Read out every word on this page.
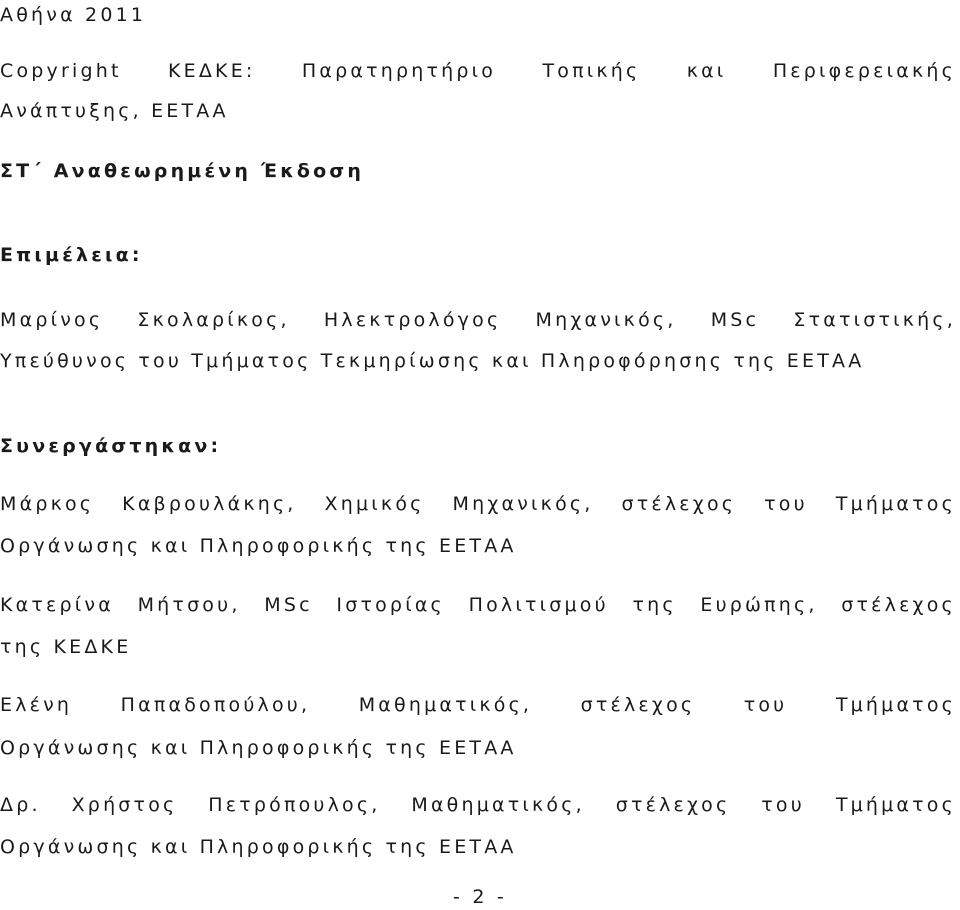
Αθήνα 2011
Copyright ΚΕΔΚΕ: Παρατηρητήριο Τοπικής και Περιφερειακής
Ανάπτυξης, ΕΕΤΑΑ
ΣΤ΄ Αναθεωρημένη Έκδοση
Επιμέλεια:
Μαρίνος Σκολαρίκος, Ηλεκτρολόγος Μηχανικός, MSc Στατιστικής,
Υπεύθυνος του Τμήματος Τεκμηρίωσης και Πληροφόρησης της ΕΕΤΑΑ
Συνεργάστηκαν:
Μάρκος Καβρουλάκης, Χημικός Μηχανικός, στέλεχος του Τμήματος
Οργάνωσης και Πληροφορικής της ΕΕΤΑΑ
Κατερίνα Μήτσου, MSc Ιστορίας Πολιτισμού της Ευρώπης, στέλεχος
της ΚΕΔΚΕ
Ελένη	Παπαδοπούλου,	Μαθηματικός,	στέλεχος	του	Τμήματος
Οργάνωσης και Πληροφορικής της ΕΕΤΑΑ
Δρ. Χρήστος Πετρόπουλος, Μαθηματικός, στέλεχος του Τμήματος
Οργάνωσης και Πληροφορικής της ΕΕΤΑΑ
- 2 -
